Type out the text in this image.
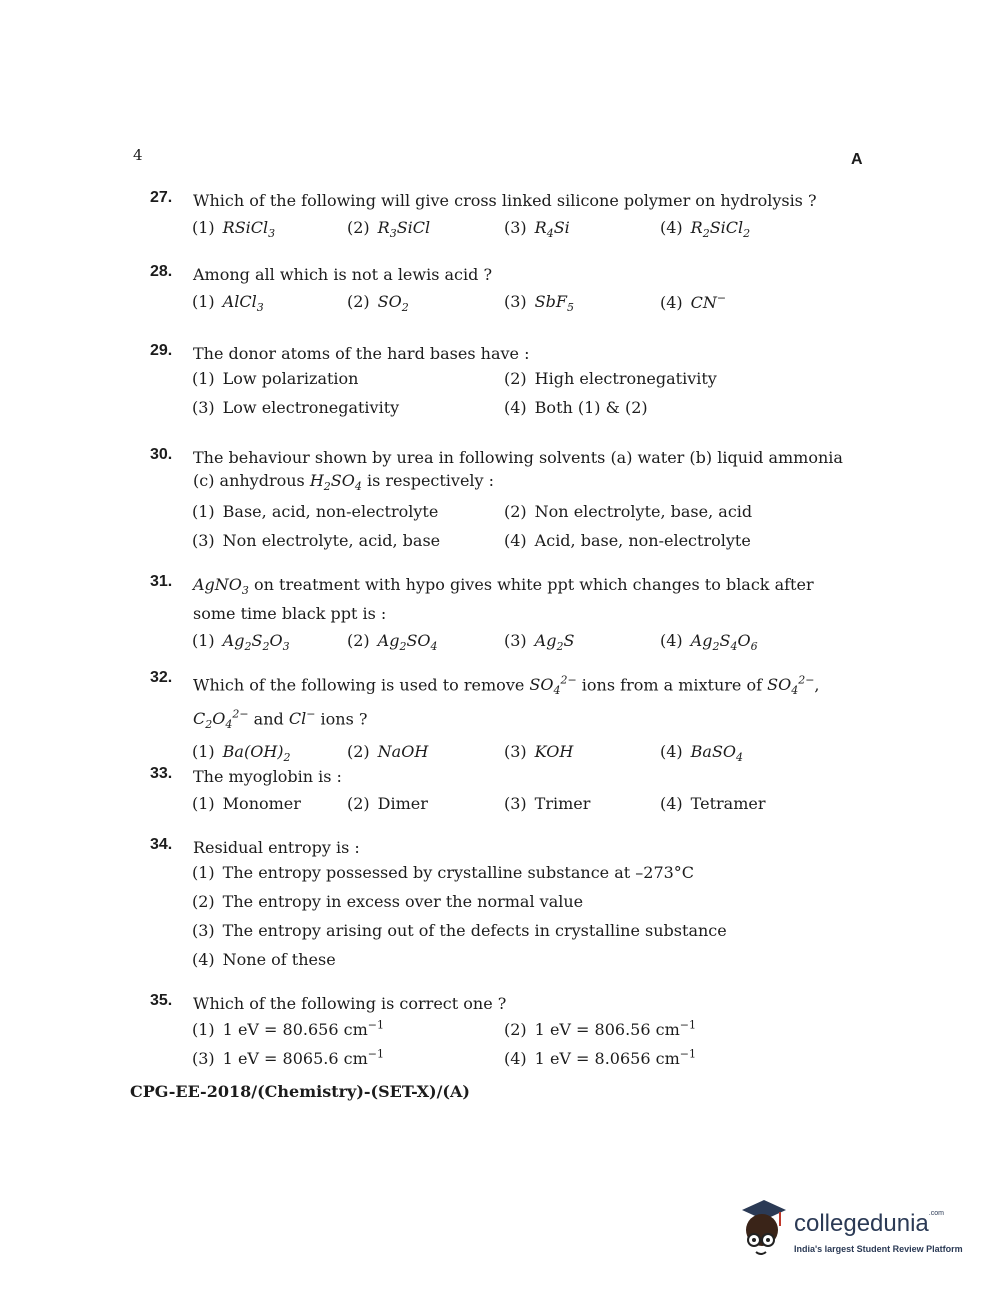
4	A
27. Which of the following will give cross linked silicone polymer on hydrolysis ?
(1) RSiCl$_3$	(2) $R_3SiCl$	(3) $R_4Si$	(4) $R_2SiCl_2$
28. Among all which is not a lewis acid ?
(1) AlCl$_3$	(2) $SO_2$	(3) SbF$_5$	(4) CN−
29. The donor atoms of the hard bases have :
(1) Low polarization	(2) High electronegativity
(3) Low electronegativity	(4) Both (1) & (2)
30. The behaviour shown by urea in following solvents (a) water (b) liquid ammonia (c) anhydrous $H_2SO_4$ is respectively :
(1) Base, acid, non-electrolyte	(2) Non electrolyte, base, acid
(3) Non electrolyte, acid, base	(4) Acid, base, non-electrolyte
31. AgNO$_3$ on treatment with hypo gives white ppt which changes to black after some time black ppt is :
(1) $Ag_2S_2O_3$	(2) $Ag_2SO_4$	(3) $Ag_2S$	(4) $Ag_2S_4O_6$
32. Which of the following is used to remove $SO_4^{2-}$ ions from a mixture of $SO_4^{2-}$, $C_2O_4^{2-}$ and Cl− ions ?
(1) $Ba(OH)_2$	(2) NaOH	(3) KOH	(4) BaSO$_4$
33. The myoglobin is :
(1) Monomer	(2) Dimer	(3) Trimer	(4) Tetramer
34. Residual entropy is :
(1) The entropy possessed by crystalline substance at –273°C
(2) The entropy in excess over the normal value
(3) The entropy arising out of the defects in crystalline substance
(4) None of these
35. Which of the following is correct one ?
(1) 1 eV = 80.656 $cm^{-1}$	(2) 1 eV = 806.56 $cm^{-1}$
(3) 1 eV = 8065.6 $cm^{-1}$	(4) 1 eV = 8.0656 $cm^{-1}$
CPG-EE-2018/(Chemistry)-(SET-X)/(A)
collegedunia$^{.com}$
India's largest Student Review Platform
